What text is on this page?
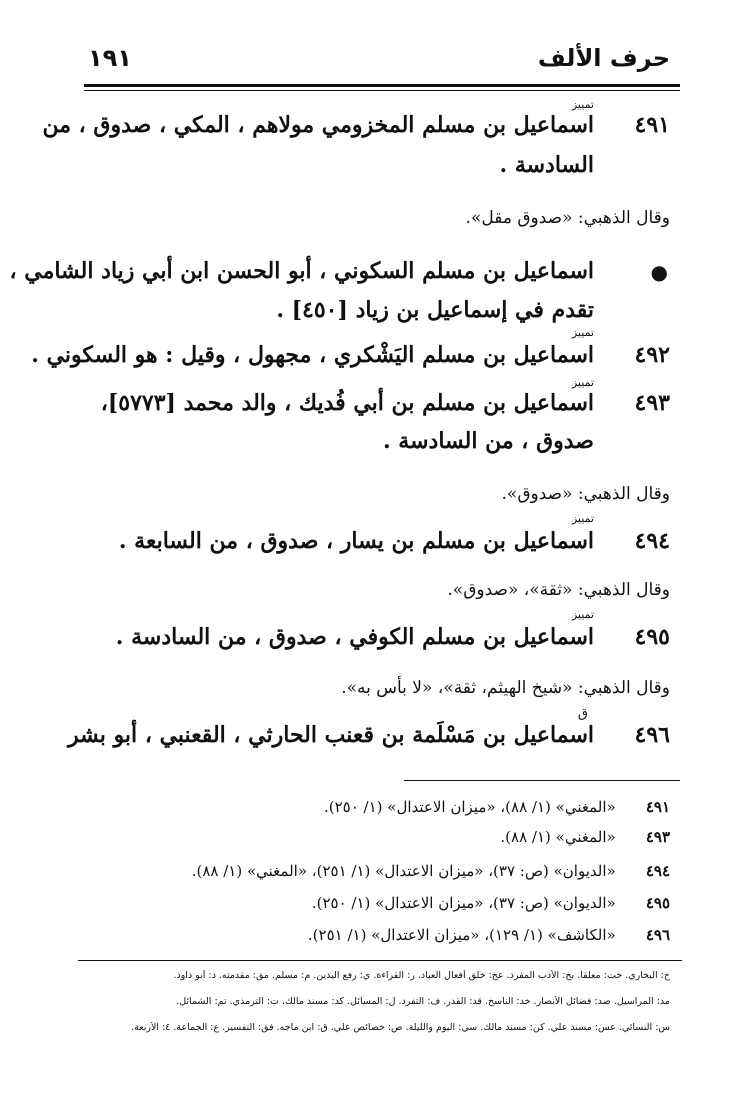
حرف الألف
١٩١
تمييز
٤٩١
اسماعيل بن مسلم المخزومي مولاهم ، المكي ، صدوق ، من
السادسة .
وقال الذهبي: «صدوق مقل».
●
اسماعيل بن مسلم السكوني ، أبو الحسن ابن أبي زياد الشامي ،
تقدم في إسماعيل بن زياد [٤٥٠] .
تمييز
٤٩٢
اسماعيل بن مسلم اليَشْكري ، مجهول ، وقيل : هو السكوني .
تمييز
٤٩٣
اسماعيل بن مسلم بن أبي فُديك ، والد محمد [٥٧٧٣]،
صدوق ، من السادسة .
وقال الذهبي: «صدوق».
تمييز
٤٩٤
اسماعيل بن مسلم بن يسار ، صدوق ، من السابعة .
وقال الذهبي: «ثقة»، «صدوق».
تمييز
٤٩٥
اسماعيل بن مسلم الكوفي ، صدوق ، من السادسة .
وقال الذهبي: «شيخ الهيثم، ثقة»، «لا بأس به».
ق
٤٩٦
اسماعيل بن مَسْلَمة بن قعنب الحارثي ، القعنبي ، أبو بشر
٤٩١   «المغني» (١/ ٨٨)، «ميزان الاعتدال» (١/ ٢٥٠).
٤٩٣   «المغني» (١/ ٨٨).
٤٩٤   «الديوان» (ص: ٣٧)، «ميزان الاعتدال» (١/ ٢٥١)، «المغني» (١/ ٨٨).
٤٩٥   «الديوان» (ص: ٣٧)، «ميزان الاعتدال» (١/ ٢٥٠).
٤٩٦   «الكاشف» (١/ ١٢٩)، «ميزان الاعتدال» (١/ ٢٥١).
خ: البخاري. خت: معلقاً. بخ: الأدب المفرد. عخ: خلق أفعال العباد. ر: القراءة. ي: رفع اليدين. م: مسلم. مق: مقدمته. د: أبو داود.
مد: المراسيل. صد: فضائل الأنصار. خد: الناسخ. قد: القدر. ف: التفرد. ل: المسائل. كد: مسند مالك. ت: الترمذي. تم: الشمائل.
س: النسائي. عس: مسند علي. كن: مسند مالك. سي: اليوم والليلة. ص: خصائص علي. ق: ابن ماجه. فق: التفسير. ع: الجماعة. ٤: الأربعة.
